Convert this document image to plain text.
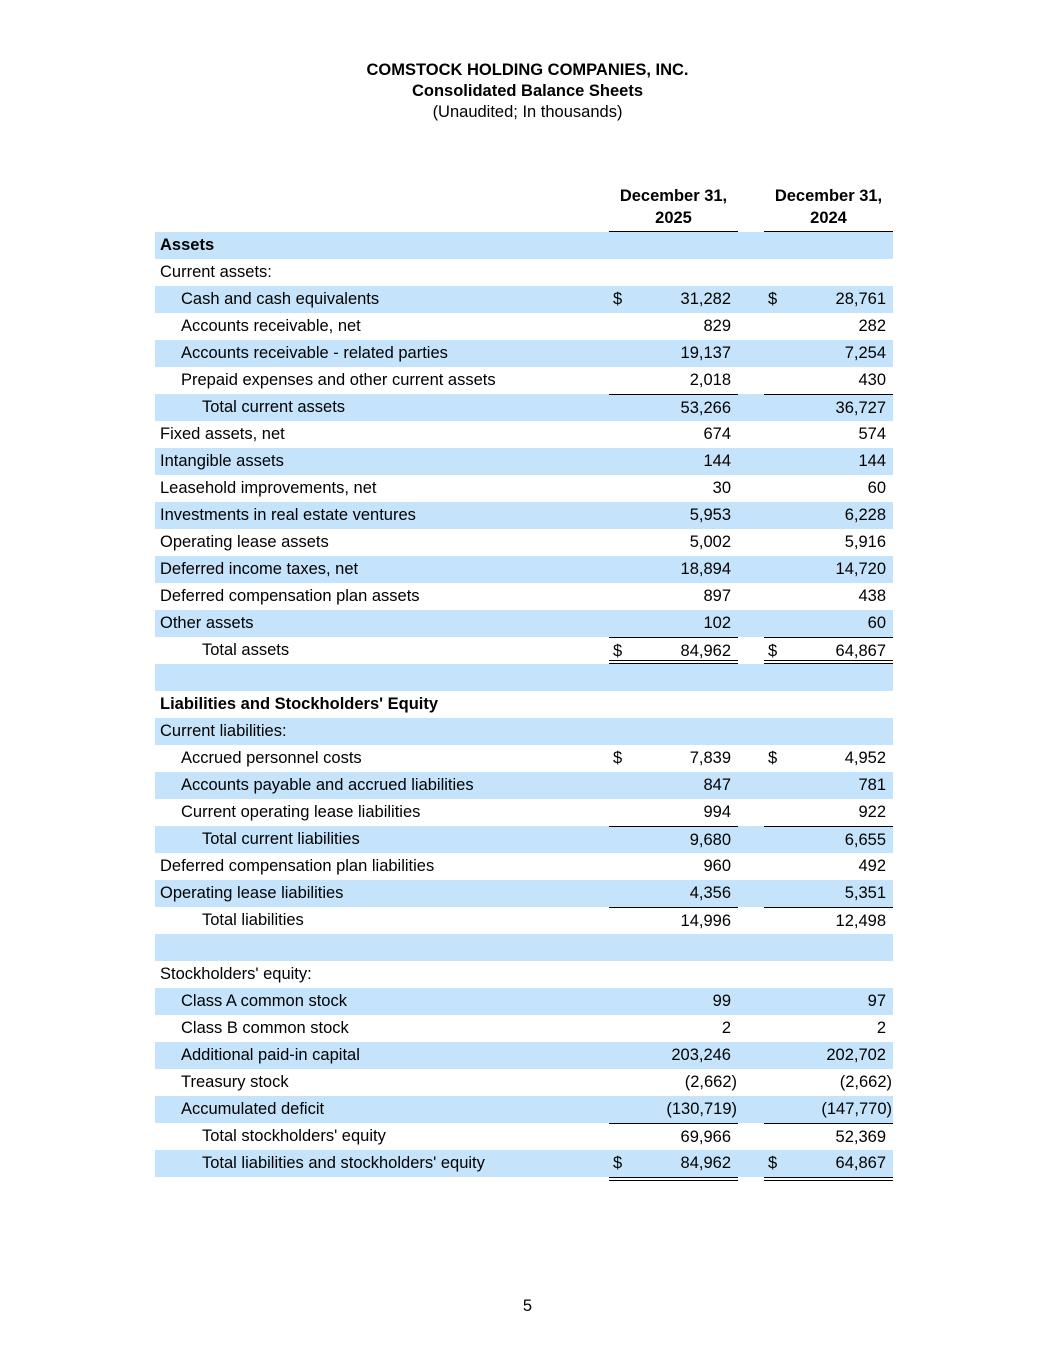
COMSTOCK HOLDING COMPANIES, INC.
Consolidated Balance Sheets
(Unaudited; In thousands)
December 31,
2025
December 31,
2024
Assets
Current assets:
Cash and cash equivalents	$	31,282 $	28,761
Accounts receivable, net	829	282
Accounts receivable - related parties	19,137	7,254
Prepaid expenses and other current assets	2,018	430
Total current assets	53,266	36,727
Fixed assets, net	674	574
Intangible assets	144	144
Leasehold improvements, net	30	60
Investments in real estate ventures	5,953	6,228
Operating lease assets	5,002	5,916
Deferred income taxes, net	18,894	14,720
Deferred compensation plan assets	897	438
Other assets	102	60
Total assets	$	84,962 $	64,867
Liabilities and Stockholders' Equity
Current liabilities:
Accrued personnel costs	$	7,839 $	4,952
Accounts payable and accrued liabilities	847	781
Current operating lease liabilities	994	922
Total current liabilities	9,680	6,655
Deferred compensation plan liabilities	960	492
Operating lease liabilities	4,356	5,351
Total liabilities	14,996	12,498
Stockholders' equity:
Class A common stock	99	97
Class B common stock	2	2
Additional paid-in capital	203,246	202,702
Treasury stock	(2,662)	(2,662)
Accumulated deficit	(130,719)	(147,770)
Total stockholders' equity	69,966	52,369
Total liabilities and stockholders' equity	$	84,962 $	64,867
5
